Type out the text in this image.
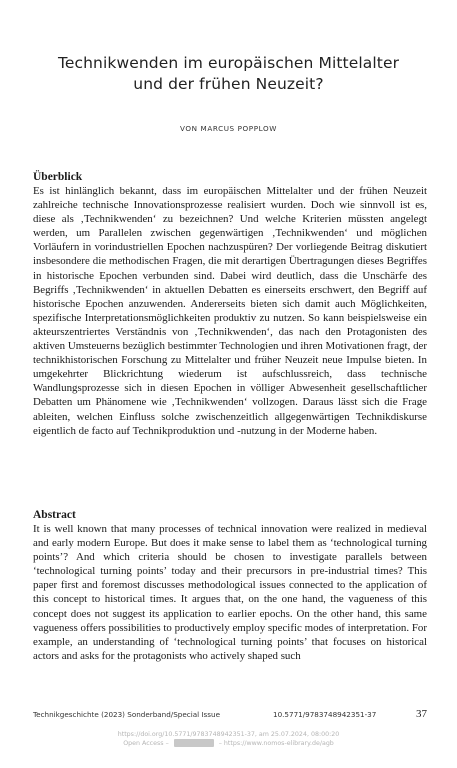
Technikwenden im europäischen Mittelalter
und der frühen Neuzeit?
VON MARCUS POPPLOW

Überblick

Es ist hinlänglich bekannt, dass im europäischen Mittelalter und der frühen Neuzeit zahlreiche technische Innovationsprozesse realisiert wurden. Doch wie sinnvoll ist es, diese als ‚Technikwenden‘ zu bezeichnen? Und welche Kriterien müssten angelegt werden, um Parallelen zwischen gegenwärtigen ‚Technikwenden‘ und möglichen Vorläufern in vorindustriellen Epochen nachzuspüren? Der vorliegende Beitrag diskutiert insbesondere die methodischen Fragen, die mit derartigen Übertragungen dieses Begriffes in historische Epochen verbunden sind. Dabei wird deutlich, dass die Unschärfe des Begriffs ‚Technikwenden‘ in aktuellen Debatten es einerseits erschwert, den Begriff auf historische Epochen anzuwenden. Andererseits bieten sich damit auch Möglichkeiten, spezifische Interpretationsmöglichkeiten produktiv zu nutzen. So kann beispielsweise ein akteurszentriertes Verständnis von ‚Technikwenden‘, das nach den Protagonisten des aktiven Umsteuerns bezüglich bestimmter Technologien und ihren Motivationen fragt, der technikhistorischen Forschung zu Mittelalter und früher Neuzeit neue Impulse bieten. In umgekehrter Blickrichtung wiederum ist aufschlussreich, dass technische Wandlungsprozesse sich in diesen Epochen in völliger Abwesenheit gesellschaftlicher Debatten um Phänomene wie ‚Technikwenden‘ vollzogen. Daraus lässt sich die Frage ableiten, welchen Einfluss solche zwischenzeitlich allgegenwärtigen Technikdiskurse eigentlich de facto auf Technikproduktion und -nutzung in der Moderne haben.

Abstract

It is well known that many processes of technical innovation were realized in medieval and early modern Europe. But does it make sense to label them as ‘technological turning points’? And which criteria should be chosen to investigate parallels between ‘technological turning points’ today and their precursors in pre-industrial times? This paper first and foremost discusses methodological issues connected to the application of this concept to historical times. It argues that, on the one hand, the vagueness of this concept does not suggest its application to earlier epochs. On the other hand, this same vagueness offers possibilities to productively employ specific modes of interpretation. For example, an understanding of ‘technological turning points’ that focuses on historical actors and asks for the protagonists who actively shaped such

Technikgeschichte (2023) Sonderband/Special Issue	10.5771/9783748942351-37	37
https://doi.org/10.5771/9783748942351-37, am 25.07.2024, 08:00:20
Open Access –	– https://www.nomos-elibrary.de/agb
